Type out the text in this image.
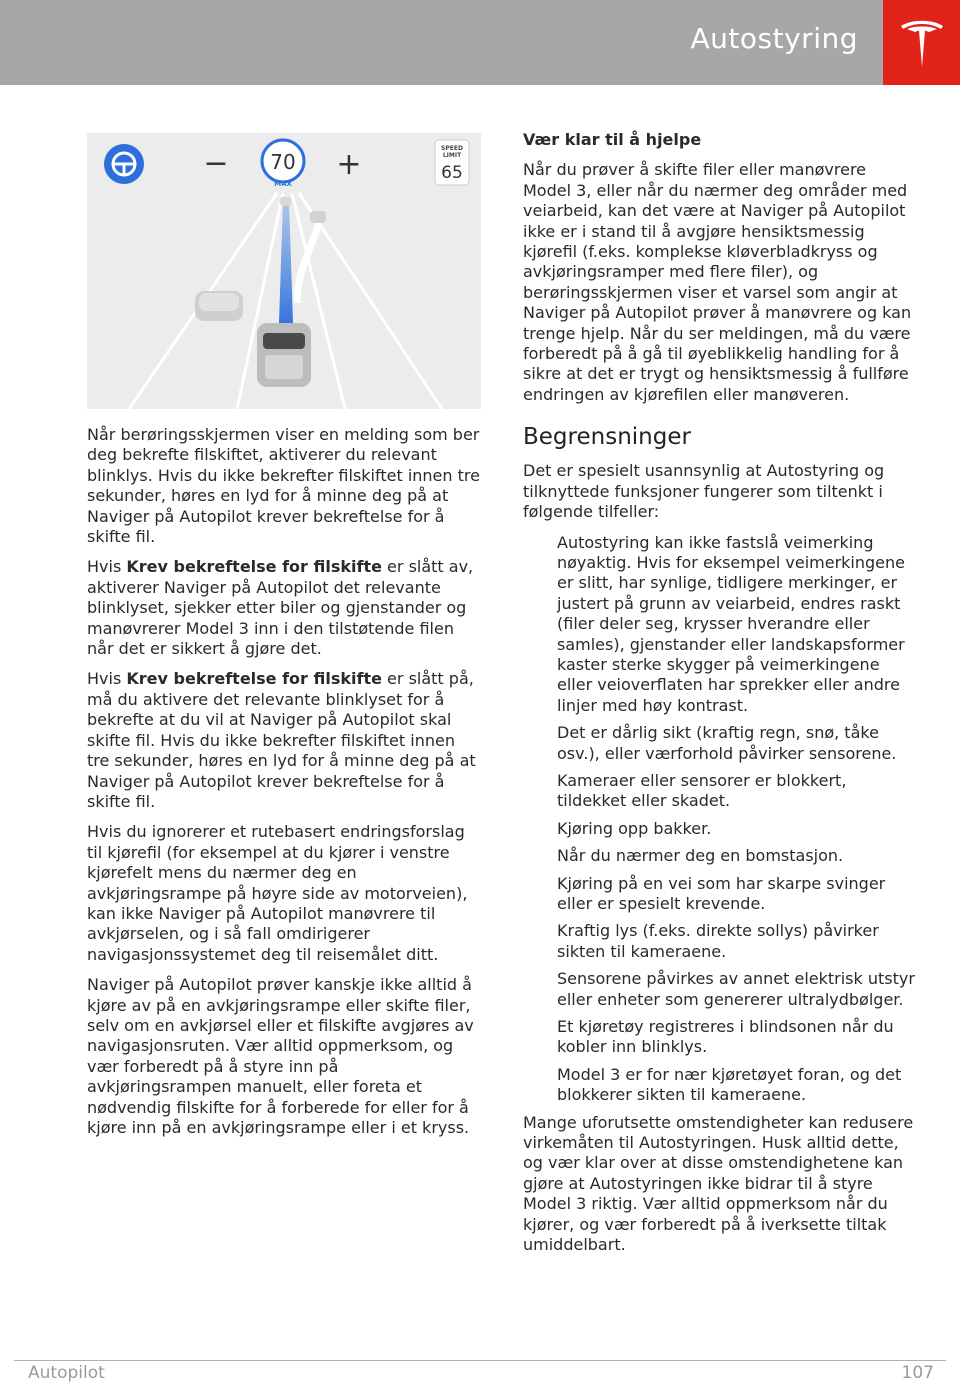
Autostyring
−	+
70
MAX
SPEED
LIMIT
65

Når berøringsskjermen viser en melding som ber deg bekrefte filskiftet, aktiverer du relevant blinklys. Hvis du ikke bekrefter filskiftet innen tre sekunder, høres en lyd for å minne deg på at Naviger på Autopilot krever bekreftelse for å skifte fil.

Hvis Krev bekreftelse for filskifte er slått av, aktiverer Naviger på Autopilot det relevante blinklyset, sjekker etter biler og gjenstander og manøvrerer Model 3 inn i den tilstøtende filen når det er sikkert å gjøre det.

Hvis Krev bekreftelse for filskifte er slått på, må du aktivere det relevante blinklyset for å bekrefte at du vil at Naviger på Autopilot skal skifte fil. Hvis du ikke bekrefter filskiftet innen tre sekunder, høres en lyd for å minne deg på at Naviger på Autopilot krever bekreftelse for å skifte fil.

Hvis du ignorerer et rutebasert endringsforslag til kjørefil (for eksempel at du kjører i venstre kjørefelt mens du nærmer deg en avkjøringsrampe på høyre side av motorveien), kan ikke Naviger på Autopilot manøvrere til avkjørselen, og i så fall omdirigerer navigasjonssystemet deg til reisemålet ditt.

Naviger på Autopilot prøver kanskje ikke alltid å kjøre av på en avkjøringsrampe eller skifte filer, selv om en avkjørsel eller et filskifte avgjøres av navigasjonsruten. Vær alltid oppmerksom, og vær forberedt på å styre inn på avkjøringsrampen manuelt, eller foreta et nødvendig filskifte for å forberede for eller for å kjøre inn på en avkjøringsrampe eller i et kryss.

Vær klar til å hjelpe

Når du prøver å skifte filer eller manøvrere Model 3, eller når du nærmer deg områder med veiarbeid, kan det være at Naviger på Autopilot ikke er i stand til å avgjøre hensiktsmessig kjørefil (f.eks. komplekse kløverbladkryss og avkjøringsramper med flere filer), og berøringsskjermen viser et varsel som angir at Naviger på Autopilot prøver å manøvrere og kan trenge hjelp. Når du ser meldingen, må du være forberedt på å gå til øyeblikkelig handling for å sikre at det er trygt og hensiktsmessig å fullføre endringen av kjørefilen eller manøveren.

Begrensninger

Det er spesielt usannsynlig at Autostyring og tilknyttede funksjoner fungerer som tiltenkt i følgende tilfeller:

Autostyring kan ikke fastslå veimerking nøyaktig. Hvis for eksempel veimerkingene er slitt, har synlige, tidligere merkinger, er justert på grunn av veiarbeid, endres raskt (filer deler seg, krysser hverandre eller samles), gjenstander eller landskapsformer kaster sterke skygger på veimerkingene eller veioverflaten har sprekker eller andre linjer med høy kontrast.

Det er dårlig sikt (kraftig regn, snø, tåke osv.), eller værforhold påvirker sensorene.

Kameraer eller sensorer er blokkert, tildekket eller skadet.

Kjøring opp bakker.

Når du nærmer deg en bomstasjon.

Kjøring på en vei som har skarpe svinger eller er spesielt krevende.

Kraftig lys (f.eks. direkte sollys) påvirker sikten til kameraene.

Sensorene påvirkes av annet elektrisk utstyr eller enheter som genererer ultralydbølger.

Et kjøretøy registreres i blindsonen når du kobler inn blinklys.

Model 3 er for nær kjøretøyet foran, og det blokkerer sikten til kameraene.

Mange uforutsette omstendigheter kan redusere virkemåten til Autostyringen. Husk alltid dette, og vær klar over at disse omstendighetene kan gjøre at Autostyringen ikke bidrar til å styre Model 3 riktig. Vær alltid oppmerksom når du kjører, og vær forberedt på å iverksette tiltak umiddelbart.

Autopilot	107
